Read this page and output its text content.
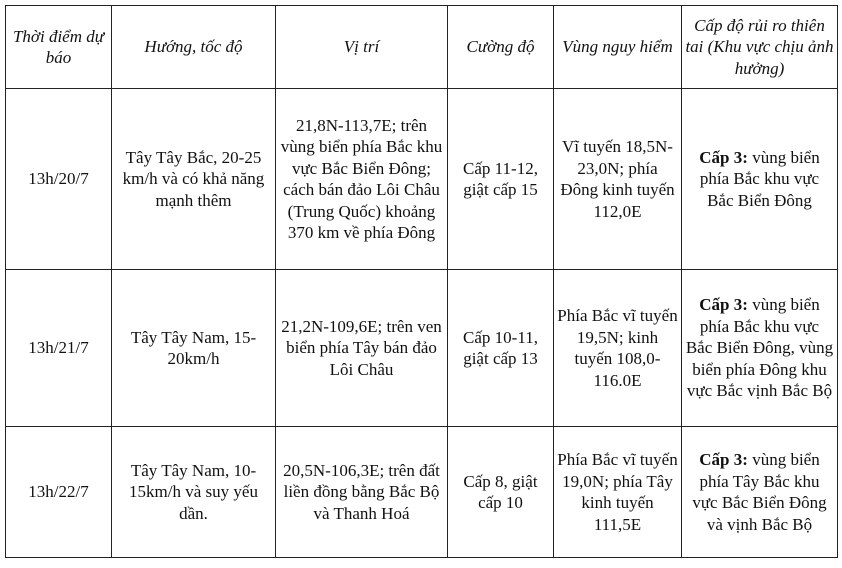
Thời điểm dự báo	Hướng, tốc độ	Vị trí	Cường độ	Vùng nguy hiểm	Cấp độ rủi ro thiên tai (Khu vực chịu ảnh hưởng)
13h/20/7	Tây Tây Bắc, 20-25 km/h và có khả năng mạnh thêm	21,8N-113,7E; trên vùng biển phía Bắc khu vực Bắc Biển Đông; cách bán đảo Lôi Châu (Trung Quốc) khoảng 370 km về phía Đông	Cấp 11-12, giật cấp 15	Vĩ tuyến 18,5N-23,0N; phía Đông kinh tuyến 112,0E	Cấp 3: vùng biển phía Bắc khu vực Bắc Biển Đông
13h/21/7	Tây Tây Nam, 15-20km/h	21,2N-109,6E; trên ven biển phía Tây bán đảo Lôi Châu	Cấp 10-11, giật cấp 13	Phía Bắc vĩ tuyến 19,5N; kinh tuyến 108,0-116.0E	Cấp 3: vùng biển phía Bắc khu vực Bắc Biển Đông, vùng biển phía Đông khu vực Bắc vịnh Bắc Bộ
13h/22/7	Tây Tây Nam, 10-15km/h và suy yếu dần.	20,5N-106,3E; trên đất liền đồng bằng Bắc Bộ và Thanh Hoá	Cấp 8, giật cấp 10	Phía Bắc vĩ tuyến 19,0N; phía Tây kinh tuyến 111,5E	Cấp 3: vùng biển phía Tây Bắc khu vực Bắc Biển Đông và vịnh Bắc Bộ
